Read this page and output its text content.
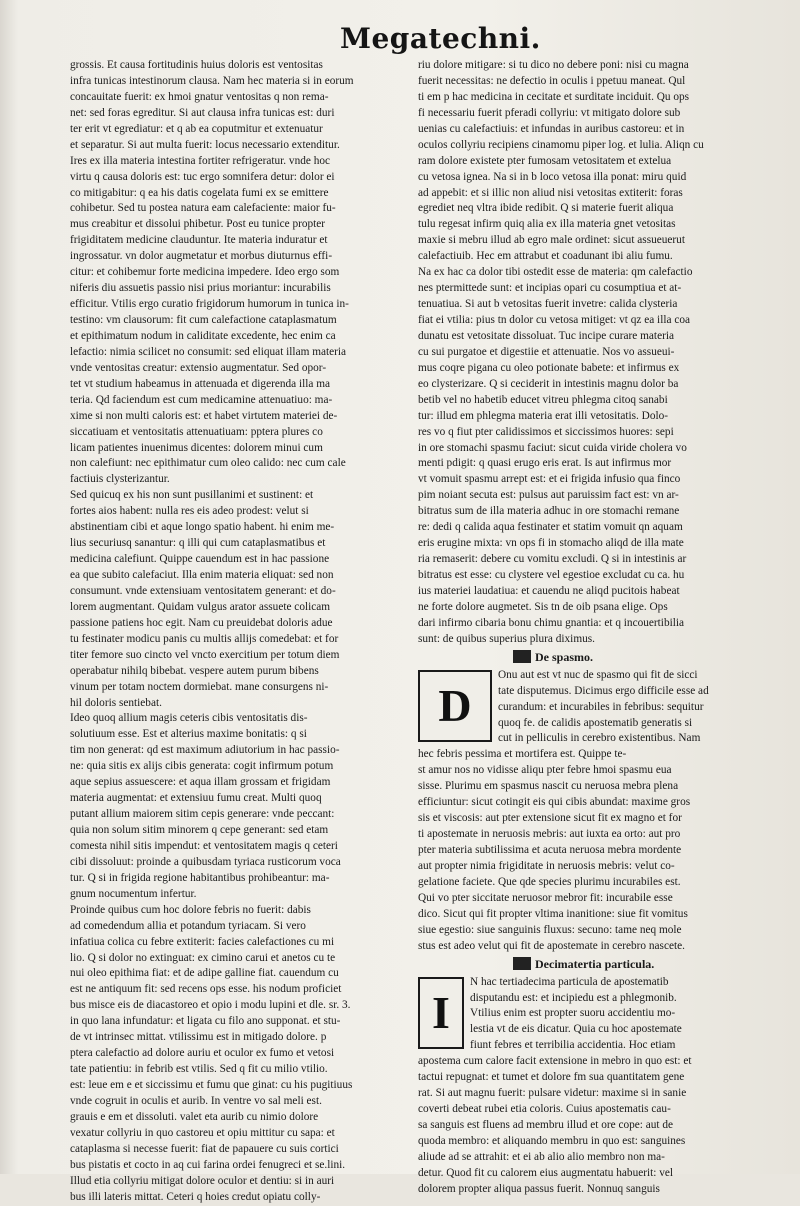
Megatechni.
grossis. Et causa fortitudinis huius doloris est ventositas
infra tunicas intestinorum clausa. Nam hec materia si in eorum
concauitate fuerit: ex hmoi gnatur ventositas q non rema-
net: sed foras egreditur. Si aut clausa infra tunicas est: duri
ter erit vt egrediatur: et q ab ea coputmitur et extenuatur
et separatur. Si aut multa fuerit: locus necessario extenditur.
Ires ex illa materia intestina fortiter refrigeratur. vnde hoc
virtu q causa doloris est: tuc ergo somnifera detur: dolor ei
co mitigabitur: q ea his datis cogelata fumi ex se emittere
cohibetur. Sed tu postea natura eam calefaciente: maior fu-
mus creabitur et dissolui phibetur. Post eu tunice propter
frigiditatem medicine clauduntur. Ite materia induratur et
ingrossatur. vn dolor augmetatur et morbus diuturnus effi-
citur: et cohibemur forte medicina impedere. Ideo ergo som
niferis diu assuetis passio nisi prius moriantur: incurabilis
efficitur. Vtilis ergo curatio frigidorum humorum in tunica in-
testino: vm clausorum: fit cum calefactione cataplasmatum
et epithimatum nodum in caliditate excedente, hec enim ca
lefactio: nimia scilicet no consumit: sed eliquat illam materia
vnde ventositas creatur: extensio augmentatur. Sed opor-
tet vt studium habeamus in attenuada et digerenda illa ma
teria. Qd faciendum est cum medicamine attenuatiuo: ma-
xime si non multi caloris est: et habet virtutem materiei de-
siccatiuam et ventositatis attenuatiuam: pptera plures co
licam patientes inuenimus dicentes: dolorem minui cum
non calefiunt: nec epithimatur cum oleo calido: nec cum cale
factiuis clysterizantur.
Sed quicuq ex his non sunt pusillanimi et sustinent: et
fortes aios habent: nulla res eis adeo prodest: velut si
abstinentiam cibi et aque longo spatio habent. hi enim me-
lius securiusq sanantur: q illi qui cum cataplasmatibus et
medicina calefiunt. Quippe cauendum est in hac passione
ea que subito calefaciut. Illa enim materia eliquat: sed non
consumunt. vnde extensiuam ventositatem generant: et do-
lorem augmentant. Quidam vulgus arator assuete colicam
passione patiens hoc egit. Nam cu preuidebat doloris adue
tu festinater modicu panis cu multis allijs comedebat: et for
titer femore suo cincto vel vncto exercitium per totum diem
operabatur nihilq bibebat. vespere autem purum bibens
vinum per totam noctem dormiebat. mane consurgens ni-
hil doloris sentiebat.
Ideo quoq allium magis ceteris cibis ventositatis dis-
solutiuum esse. Est et alterius maxime bonitatis: q si
tim non generat: qd est maximum adiutorium in hac passio-
ne: quia sitis ex alijs cibis generata: cogit infirmum potum
aque sepius assuescere: et aqua illam grossam et frigidam
materia augmentat: et extensiuu fumu creat. Multi quoq
putant allium maiorem sitim cepis generare: vnde peccant:
quia non solum sitim minorem q cepe generant: sed etam
comesta nihil sitis impendut: et ventositatem magis q ceteri
cibi dissoluut: proinde a quibusdam tyriaca rusticorum voca
tur. Q si in frigida regione habitantibus prohibeantur: ma-
gnum nocumentum infertur.
Proinde quibus cum hoc dolore febris no fuerit: dabis
ad comedendum allia et potandum tyriacam. Si vero
infatiua colica cu febre extiterit: facies calefactiones cu mi
lio. Q si dolor no extinguat: ex cimino carui et anetos cu te
nui oleo epithima fiat: et de adipe galline fiat. cauendum cu
est ne antiquum fit: sed recens ops esse. his nodum proficiet
bus misce eis de diacastoreo et opio i modu lupini et dle. sr. 3.
in quo lana infundatur: et ligata cu filo ano supponat. et stu-
de vt intrinsec mittat. vtilissimu est in mitigado dolore. p
ptera calefactio ad dolore auriu et oculor ex fumo et vetosi
tate patientiu: in febrib est vtilis. Sed q fit cu milio vtilio.
est: leue em e et siccissimu et fumu que ginat: cu his pugitiuus
vnde cogruit in oculis et aurib. In ventre vo sal meli est.
grauis e em et dissoluti. valet eta aurib cu nimio dolore
vexatur collyriu in quo castoreu et opiu mittitur cu sapa: et
cataplasma si necesse fuerit: fiat de papauere cu suis cortici
bus pistatis et cocto in aq cui farina ordei fenugreci et se.lini.
Illud etia collyriu mitigat dolore oculor et dentiu: si in auri
bus illi lateris mittat. Ceteri q hoies credut opiatu colly-
riu dolore mitigare: si tu dico no debere poni: nisi cu magna
fuerit necessitas: ne defectio in oculis i ppetuu maneat. Qul
ti em p hac medicina in cecitate et surditate inciduit. Qu ops
fi necessariu fuerit pferadi collyriu: vt mitigato dolore sub
uenias cu calefactiuis: et infundas in auribus castoreu: et in
oculos collyriu recipiens cinamomu piper log. et lulia. Aliqn cu
ram dolore existete pter fumosam vetositatem et extelua
cu vetosa ignea. Na si in b loco vetosa illa ponat: miru quid
ad appebit: et si illic non aliud nisi vetositas extiterit: foras
egrediet neq vltra ibide redibit. Q si materie fuerit aliqua
tulu regesat infirm quiq alia ex illa materia gnet vetositas
maxie si mebru illud ab egro male ordinet: sicut assueuerut
calefactiuib. Hec em attrabut et coadunant ibi aliu fumu.
Na ex hac ca dolor tibi ostedit esse de materia: qm calefactio
nes ptermittede sunt: et incipias opari cu cosumptiua et at-
tenuatiua. Si aut b vetositas fuerit invetre: calida clysteria
fiat ei vtilia: pius tn dolor cu vetosa mitiget: vt qz ea illa coa
dunatu est vetositate dissoluat. Tuc incipe curare materia
cu sui purgatoe et digestiie et attenuatie. Nos vo assueui-
mus coqre pigana cu oleo potionate babete: et infirmus ex
eo clysterizare. Q si ceciderit in intestinis magnu dolor ba
betib vel no habetib educet vitreu phlegma citoq sanabi
tur: illud em phlegma materia erat illi vetositatis. Dolo-
res vo q fiut pter calidissimos et siccissimos huores: sepi
in ore stomachi spasmu faciut: sicut cuida viride cholera vo
menti pdigit: q quasi erugo eris erat. Is aut infirmus mor
vt vomuit spasmu arrept est: et ei frigida infusio qua finco
pim noiant secuta est: pulsus aut paruissim fact est: vn ar-
bitratus sum de illa materia adhuc in ore stomachi remane
re: dedi q calida aqua festinater et statim vomuit qn aquam
eris erugine mixta: vn ops fi in stomacho aliqd de illa mate
ria remaserit: debere cu vomitu excludi. Q si in intestinis ar
bitratus est esse: cu clystere vel egestioe excludat cu ca. hu
ius materiei laudatiua: et cauendu ne aliqd pucitois habeat
ne forte dolore augmetet. Sis tn de oib psana elige. Ops
dari infirmo cibaria bonu chimu gnantia: et q incouertibilia
sunt: de quibus superius plura diximus.
De spasmo.
D
Onu aut est vt nuc de spasmo qui fit de sicci
tate disputemus. Dicimus ergo difficile esse ad
curandum: et incurabiles in febribus: sequitur
quoq fe. de calidis apostematib generatis si
cut in pelliculis in cerebro existentibus. Nam
hec febris pessima et mortifera est. Quippe te-
st amur nos no vidisse aliqu pter febre hmoi spasmu eua
sisse. Plurimu em spasmus nascit cu neruosa mebra plena
efficiuntur: sicut cotingit eis qui cibis abundat: maxime gros
sis et viscosis: aut pter extensione sicut fit ex magno et for
ti apostemate in neruosis mebris: aut iuxta ea orto: aut pro
pter materia subtilissima et acuta neruosa mebra mordente
aut propter nimia frigiditate in neruosis mebris: velut co-
gelatione faciete. Que qde species plurimu incurabiles est.
Qui vo pter siccitate neruosor mebror fit: incurabile esse
dico. Sicut qui fit propter vltima inanitione: siue fit vomitus
siue egestio: siue sanguinis fluxus: secuno: tame neq mole
stus est adeo velut qui fit de apostemate in cerebro nascete.
Decimatertia particula.
I
N hac tertiadecima particula de apostematib
disputandu est: et incipiedu est a phlegmonib.
Vtilius enim est propter suoru accidentiu mo-
lestia vt de eis dicatur. Quia cu hoc apostemate
fiunt febres et terribilia accidentia. Hoc etiam
apostema cum calore facit extensione in mebro in quo est: et
tactui repugnat: et tumet et dolore fm sua quantitatem gene
rat. Si aut magnu fuerit: pulsare videtur: maxime si in sanie
coverti debeat rubei etia coloris. Cuius apostematis cau-
sa sanguis est fluens ad membru illud et ore cope: aut de
quoda membro: et aliquando membru in quo est: sanguines
aliude ad se attrahit: et ei ab alio alio membro non ma-
detur. Quod fit cu calorem eius augmentatu habuerit: vel
dolorem propter aliqua passus fuerit. Nonnuq sanguis
